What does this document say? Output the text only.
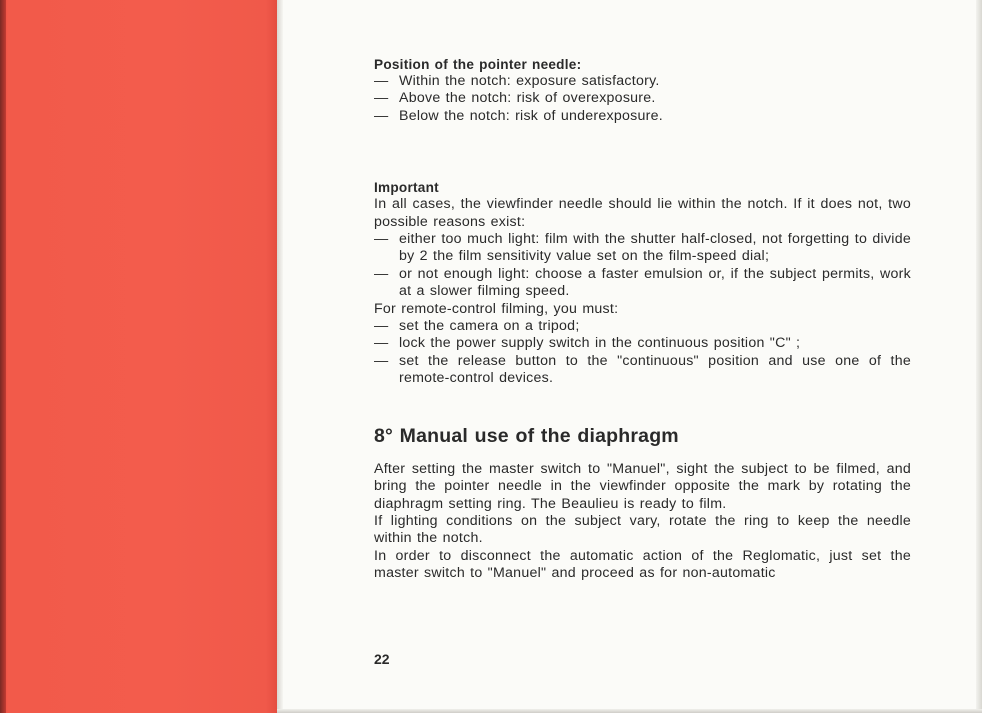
Position of the pointer needle:

— Within the notch: exposure satisfactory.

— Above the notch: risk of overexposure.

— Below the notch: risk of underexposure.

Important

In all cases, the viewfinder needle should lie within the notch. If it does not, two possible reasons exist:

— either too much light: film with the shutter half-closed, not forgetting to divide by 2 the film sensitivity value set on the film-speed dial;

— or not enough light: choose a faster emulsion or, if the subject permits, work at a slower filming speed.

For remote-control filming, you must:

— set the camera on a tripod;

— lock the power supply switch in the continuous position "C" ;

— set the release button to the "continuous" position and use one of the remote-control devices.

8° Manual use of the diaphragm

After setting the master switch to "Manuel", sight the subject to be filmed, and bring the pointer needle in the viewfinder opposite the mark by rotating the diaphragm setting ring. The Beaulieu is ready to film.

If lighting conditions on the subject vary, rotate the ring to keep the needle within the notch.

In order to disconnect the automatic action of the Reglomatic, just set the master switch to "Manuel" and proceed as for non-automatic

22
